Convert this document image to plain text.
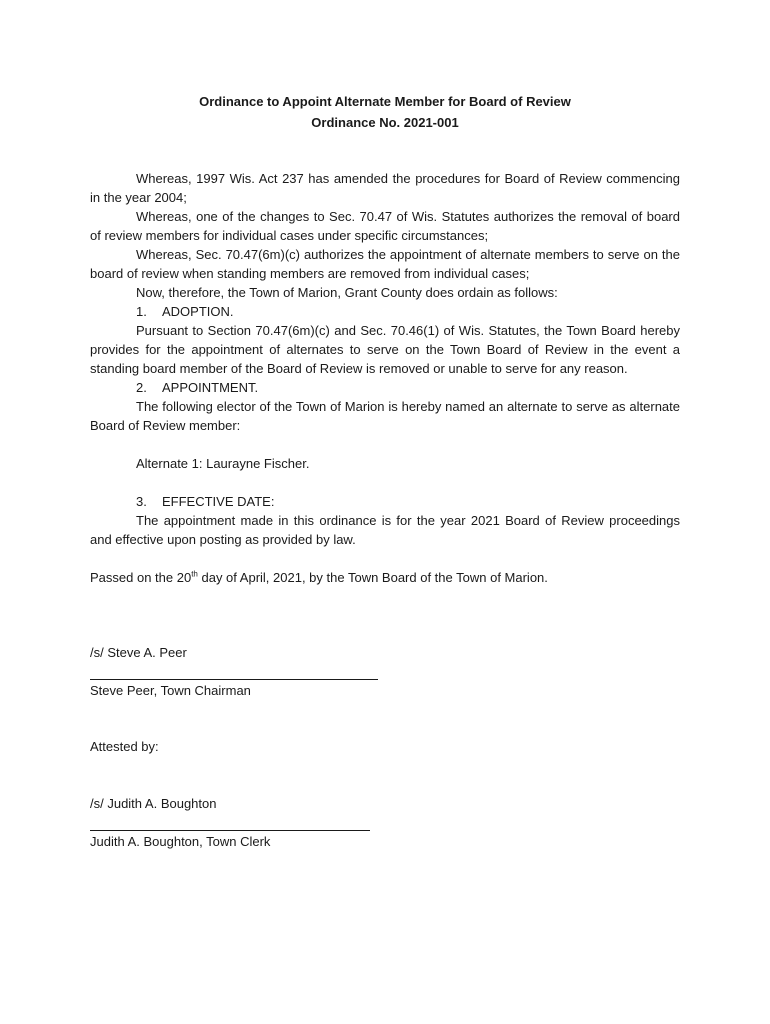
Ordinance to Appoint Alternate Member for Board of Review
Ordinance No. 2021-001

Whereas, 1997 Wis. Act 237 has amended the procedures for Board of Review commencing in the year 2004;

Whereas, one of the changes to Sec. 70.47 of Wis. Statutes authorizes the removal of board of review members for individual cases under specific circumstances;

Whereas, Sec. 70.47(6m)(c) authorizes the appointment of alternate members to serve on the board of review when standing members are removed from individual cases;

Now, therefore, the Town of Marion, Grant County does ordain as follows:

1. ADOPTION.

Pursuant to Section 70.47(6m)(c) and Sec. 70.46(1) of Wis. Statutes, the Town Board hereby provides for the appointment of alternates to serve on the Town Board of Review in the event a standing board member of the Board of Review is removed or unable to serve for any reason.

2. APPOINTMENT.

The following elector of the Town of Marion is hereby named an alternate to serve as alternate Board of Review member:

Alternate 1: Laurayne Fischer.

3. EFFECTIVE DATE:

The appointment made in this ordinance is for the year 2021 Board of Review proceedings and effective upon posting as provided by law.

Passed on the 20th day of April, 2021, by the Town Board of the Town of Marion.

/s/ Steve A. Peer
Steve Peer, Town Chairman
Attested by:
/s/ Judith A. Boughton
Judith A. Boughton, Town Clerk
